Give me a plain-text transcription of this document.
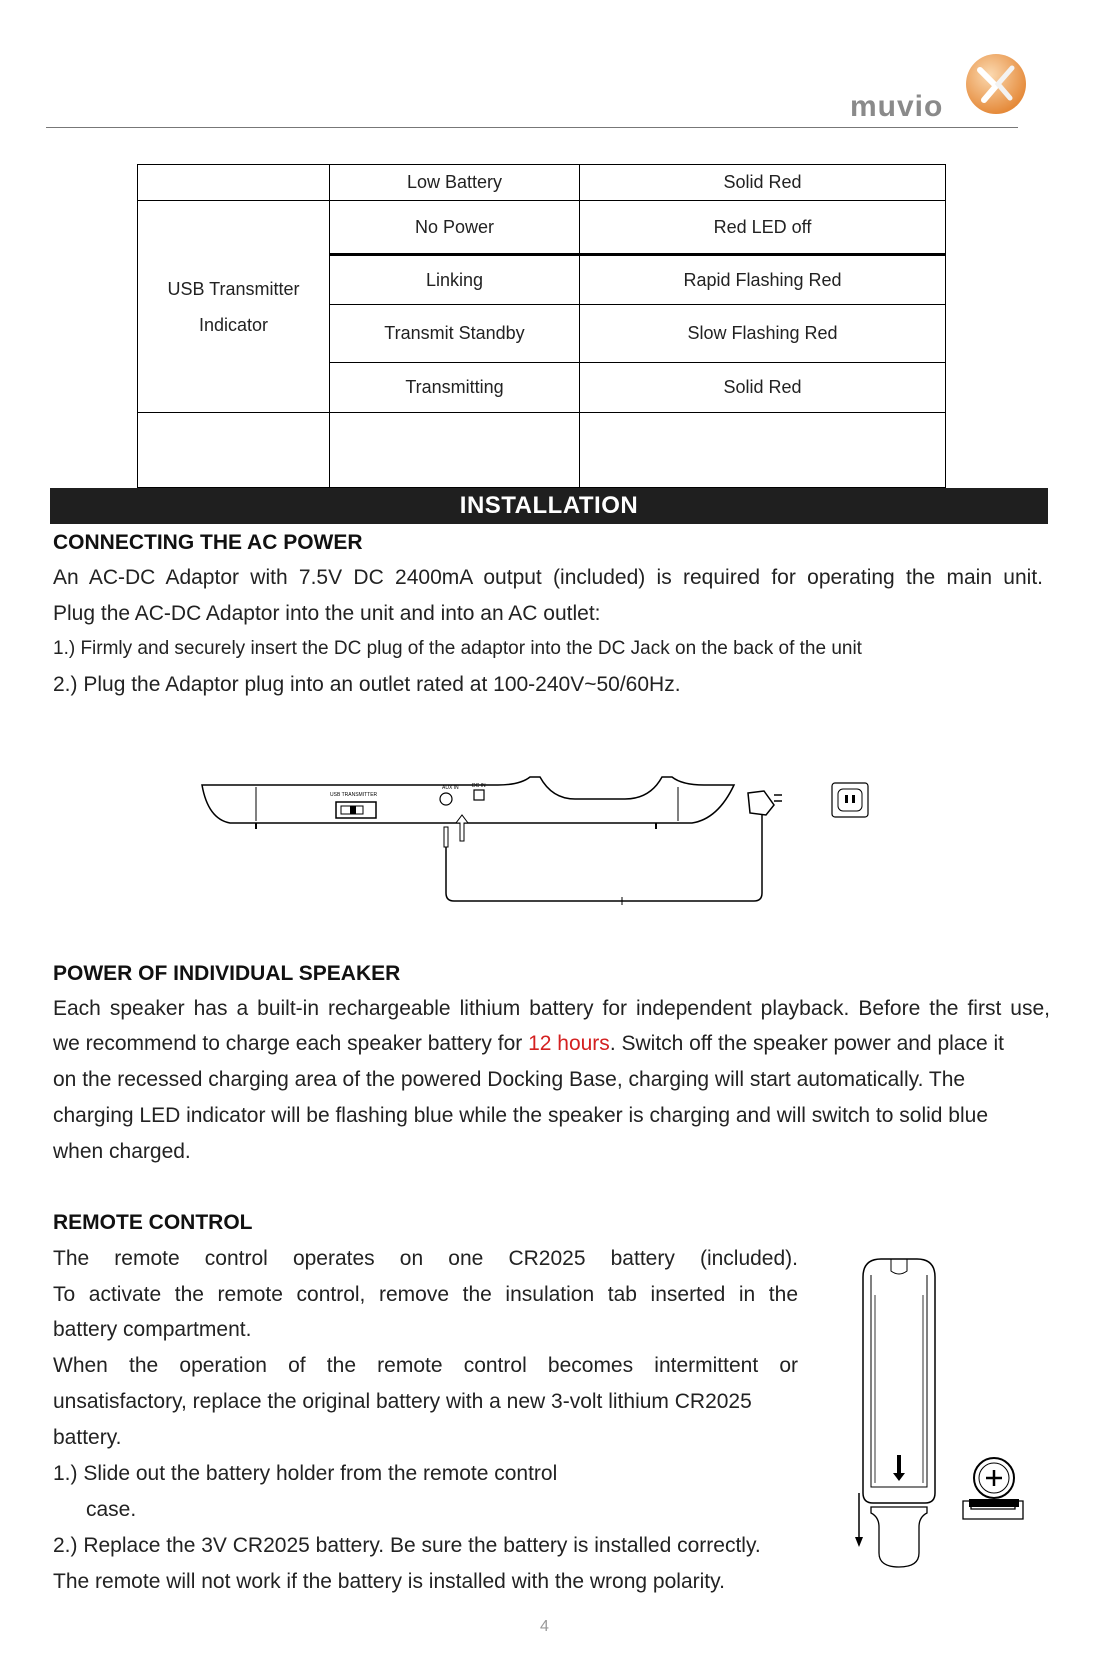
muvio
	Low Battery	Solid Red

USB Transmitter
Indicator	No Power	Red LED off
	Linking	Rapid Flashing Red
	Transmit Standby	Slow Flashing Red
	Transmitting	Solid Red

INSTALLATION
CONNECTING THE AC POWER
An AC-DC Adaptor with 7.5V DC 2400mA output (included) is required for operating the main unit.
Plug the AC-DC Adaptor into the unit and into an AC outlet:
1.) Firmly and securely insert the DC plug of the adaptor into the DC Jack on the back of the unit
2.) Plug the Adaptor plug into an outlet rated at 100-240V~50/60Hz.
USB TRANSMITTER
AUX IN	DC IN
POWER OF INDIVIDUAL SPEAKER
Each speaker has a built-in rechargeable lithium battery for independent playback. Before the first use,
we recommend to charge each speaker battery for 12 hours. Switch off the speaker power and place it
on the recessed charging area of the powered Docking Base, charging will start automatically. The
charging LED indicator will be flashing blue while the speaker is charging and will switch to solid blue
when charged.
REMOTE CONTROL
The remote control operates on one CR2025 battery (included).
To activate the remote control, remove the insulation tab inserted in the
battery compartment.
When the operation of the remote control becomes intermittent or
unsatisfactory, replace the original battery with a new 3-volt lithium CR2025
battery.
1.) Slide out the battery holder from the remote control
case.
2.) Replace the 3V CR2025 battery. Be sure the battery is installed correctly.
The remote will not work if the battery is installed with the wrong polarity.
4
